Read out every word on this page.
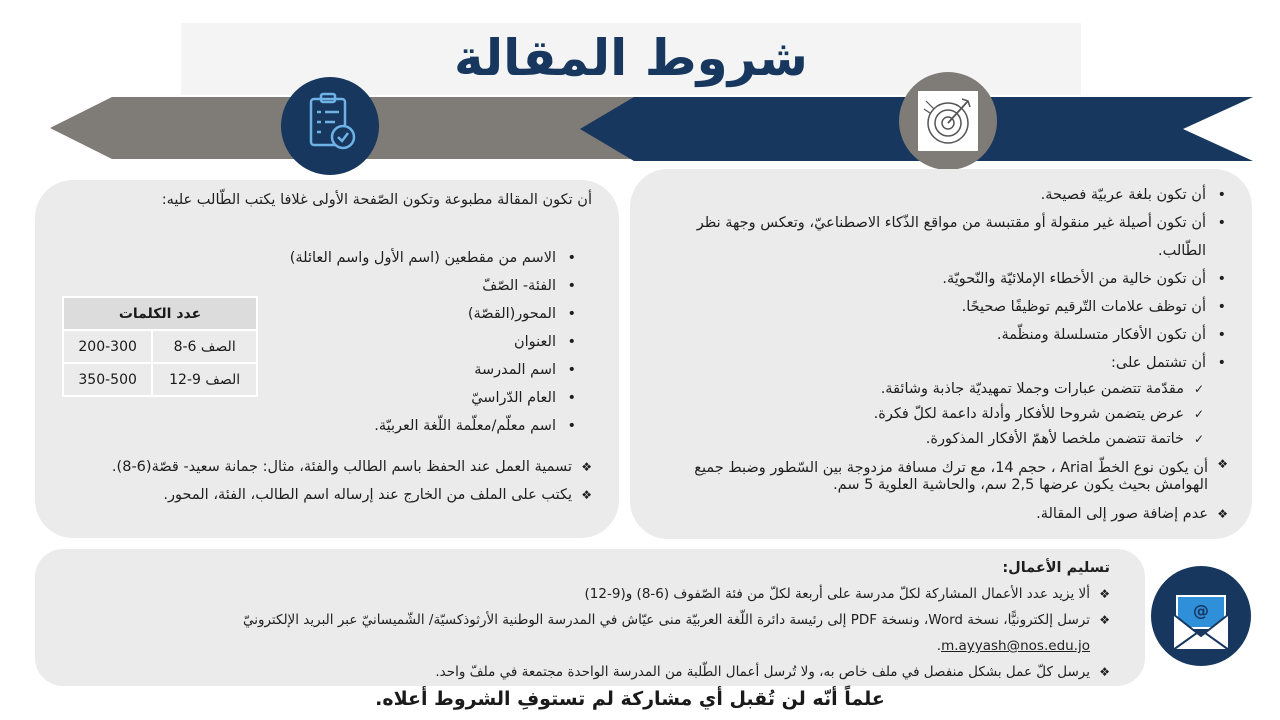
شروط المقالة
• أن تكون بلغة عربيّة فصيحة.
• أن تكون أصيلة غير منقولة أو مقتبسة من مواقع الذّكاء الاصطناعيّ، وتعكس وجهة نظر الطّالب.
• أن تكون خالية من الأخطاء الإملائيّة والنّحويّة.
• أن توظف علامات التّرقيم توظيفًا صحيحًا.
• أن تكون الأفكار متسلسلة ومنظّمة.
• أن تشتمل على:
✓ مقدّمة تتضمن عبارات وجملا تمهيديّة جاذبة وشائقة.
✓ عرض يتضمن شروحا للأفكار وأدلة داعمة لكلّ فكرة.
✓ خاتمة تتضمن ملخصا لأهمّ الأفكار المذكورة.
❖ أن يكون نوع الخطّ Arial ، حجم 14، مع ترك مسافة مزدوجة بين السّطور وضبط جميع الهوامش بحيث يكون عرضها 2,5 سم، والحاشية العلوية 5 سم.
❖ عدم إضافة صور إلى المقالة.
أن تكون المقالة مطبوعة وتكون الصّفحة الأولى غلافا يكتب الطّالب عليه:
• الاسم من مقطعين (اسم الأول واسم العائلة)
• الفئة- الصّفّ
• المحور(القصّة)
• العنوان
• اسم المدرسة
• العام الدّراسيّ
• اسم معلّم/معلّمة اللّغة العربيّة.
❖ تسمية العمل عند الحفظ باسم الطالب والفئة، مثال: جمانة سعيد- قصّة(6-8).
❖ يكتب على الملف من الخارج عند إرساله اسم الطالب، الفئة، المحور.
عدد الكلمات	
الصف 6-8	200-300
الصف 9-12	350-500
تسليم الأعمال:
❖ ألا يزيد عدد الأعمال المشاركة لكلّ مدرسة على أربعة لكلّ من فئة الصّفوف (6-8) و(9-12)
❖ ترسل إلكترونيًّا، نسخة Word، ونسخة PDF إلى رئيسة دائرة اللّغة العربيّة منى عيّاش في المدرسة الوطنية الأرثوذكسيّة/ الشّميسانيّ عبر البريد الإلكترونيّ
m.ayyash@nos.edu.jo.
❖ يرسل كلّ عمل بشكل منفصل في ملف خاص به، ولا تُرسل أعمال الطّلبة من المدرسة الواحدة مجتمعة في ملفّ واحد.
@
علماً أنّه لن تُقبل أي مشاركة لم تستوفِ الشروط أعلاه.
